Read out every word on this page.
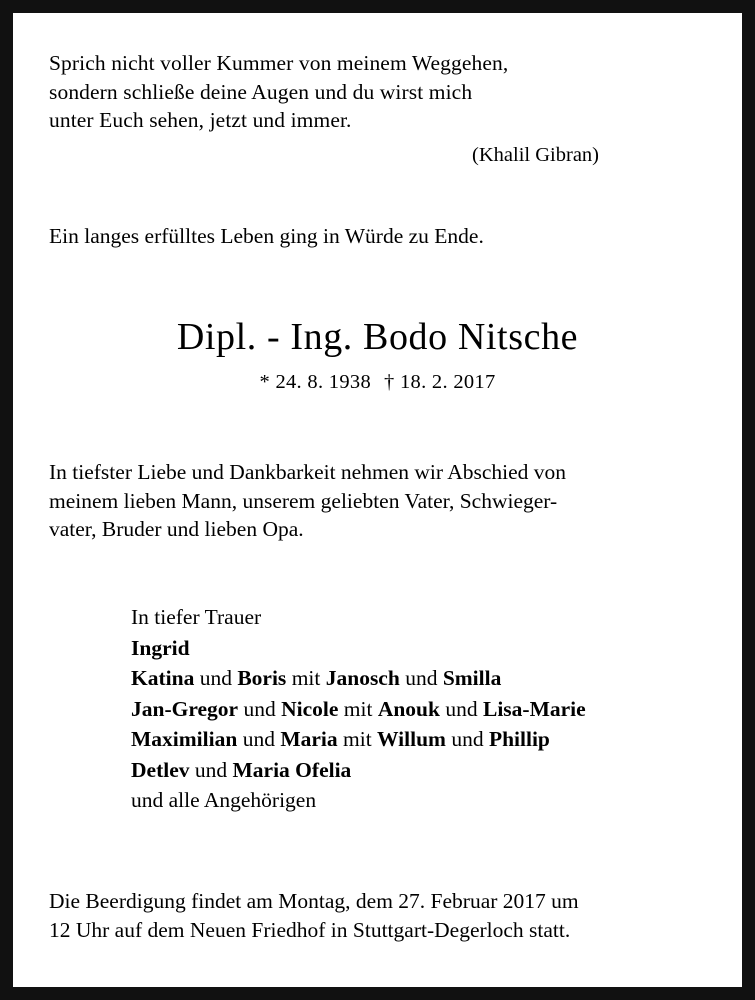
Sprich nicht voller Kummer von meinem Weggehen,
sondern schließe deine Augen und du wirst mich
unter Euch sehen, jetzt und immer.
(Khalil Gibran)
Ein langes erfülltes Leben ging in Würde zu Ende.
Dipl. - Ing. Bodo Nitsche
* 24. 8. 1938 † 18. 2. 2017
In tiefster Liebe und Dankbarkeit nehmen wir Abschied von
meinem lieben Mann, unserem geliebten Vater, Schwieger-
vater, Bruder und lieben Opa.
In tiefer Trauer
Ingrid
Katina und Boris mit Janosch und Smilla
Jan-Gregor und Nicole mit Anouk und Lisa-Marie
Maximilian und Maria mit Willum und Phillip
Detlev und Maria Ofelia
und alle Angehörigen
Die Beerdigung findet am Montag, dem 27. Februar 2017 um
12 Uhr auf dem Neuen Friedhof in Stuttgart-Degerloch statt.
